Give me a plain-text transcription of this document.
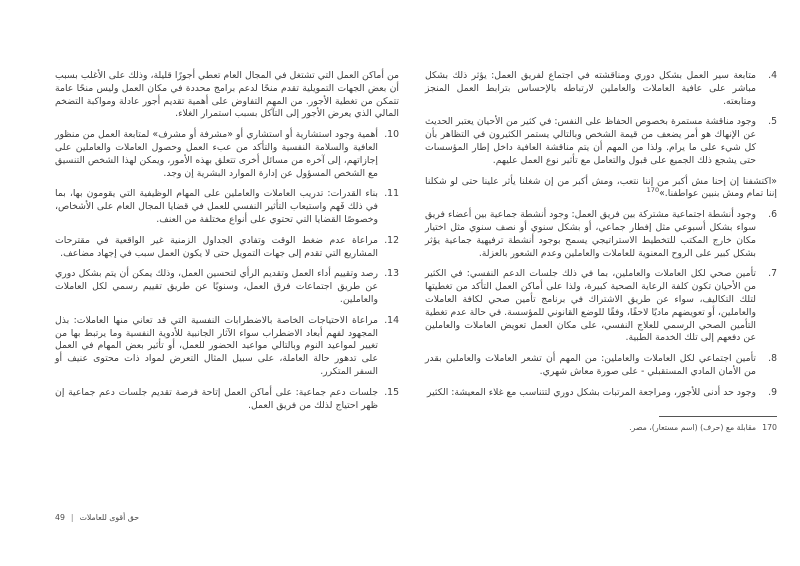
4.

متابعة سير العمل بشكل دوري ومناقشته في اجتماع لفريق العمل: يؤثر ذلك بشكل مباشر على عافية العاملات والعاملين لارتباطه بالإحساس بترابط العمل المنجز ومتابعته.

5.

وجود مناقشة مستمرة بخصوص الحفاظ على النفس: في كثير من الأحيان يعتبر الحديث عن الإنهاك هو أمر يضعف من قيمة الشخص وبالتالي يستمر الكثيرون في التظاهر بأن كل شيء على ما يرام. ولذا من المهم أن يتم مناقشة العافية داخل إطار المؤسسات حتى يشجع ذلك الجميع على قبول والتعامل مع تأثير نوع العمل عليهم.

«اكتشفنا إن إحنا مش أكبر من إننا نتعب، ومش أكبر من إن شغلنا يأثر علينا حتى لو شكلنا إننا تمام ومش بنبين عواطفنا.»$^{170}$
6.

وجود أنشطة اجتماعية مشتركة بين فريق العمل: وجود أنشطة جماعية بين أعضاء فريق سواء بشكل أسبوعي مثل إفطار جماعي، أو بشكل سنوي أو نصف سنوي مثل اختيار مكان خارج المكتب للتخطيط الاستراتيجي يسمح بوجود أنشطة ترفيهية جماعية يؤثر بشكل كبير على الروح المعنوية للعاملات والعاملين وعدم الشعور بالعزلة.

7.

تأمين صحي لكل العاملات والعاملين، بما في ذلك جلسات الدعم النفسي: في الكثير من الأحيان تكون كلفة الرعاية الصحية كبيرة، ولذا على أماكن العمل التأكد من تغطيتها لتلك التكاليف، سواء عن طريق الاشتراك في برنامج تأمين صحي لكافة العاملات والعاملين، أو تعويضهم ماديًا لاحقًا، وفقًا للوضع القانوني للمؤسسة. في حالة عدم تغطية التأمين الصحي الرسمي للعلاج النفسي، على مكان العمل تعويض العاملات والعاملين عن دفعهم إلى تلك الخدمة الطبية.

8.

تأمين اجتماعي لكل العاملات والعاملين: من المهم أن تشعر العاملات والعاملين بقدر من الأمان المادي المستقبلي - على صورة معاش شهري.

9.

وجود حد أدنى للأجور، ومراجعة المرتبات بشكل دوري لتتناسب مع غلاء المعيشة: الكثير

170
مقابلة مع (حرف) (اسم مستعار)، مصر.

من أماكن العمل التي تشتغل في المجال العام تعطي أجورًا قليلة، وذلك على الأغلب بسبب أن بعض الجهات التمويلية تقدم منحًا لدعم برامج محددة في مكان العمل وليس منحًا عامة تتمكن من تغطية الأجور. من المهم التفاوض على أهمية تقديم أجور عادلة ومواكبة التضخم المالي الذي يعرض الأجور إلى التآكل بسبب استمرار الغلاء.

10.

أهمية وجود استشارية أو استشاري أو «مشرفة أو مشرف» لمتابعة العمل من منظور العافية والسلامة النفسية والتأكد من عبء العمل وحصول العاملات والعاملين على إجازاتهم، إلى آخره من مسائل أخرى تتعلق بهذه الأمور، ويمكن لهذا الشخص التنسيق مع الشخص المسؤول عن إدارة الموارد البشرية إن وجد.

11.

بناء القدرات: تدريب العاملات والعاملين على المهام الوظيفية التي يقومون بها، بما في ذلك فَهم واستيعاب التأثير النفسي للعمل في قضايا المجال العام على الأشخاص، وخصوصًا القضايا التي تحتوي على أنواع مختلفة من العنف.

12.

مراعاة عدم ضغط الوقت وتفادي الجداول الزمنية غير الواقعية في مقترحات المشاريع التي تقدم إلى جهات التمويل حتى لا يكون العمل سبب في إجهاد مضاعف.

13.

رصد وتقييم أداء العمل وتقديم الرأي لتحسين العمل، وذلك يمكن أن يتم بشكل دوري عن طريق اجتماعات فرق العمل، وسنويًا عن طريق تقييم رسمي لكل العاملات والعاملين.

14.

مراعاة الاحتياجات الخاصة بالاضطرابات النفسية التي قد تعاني منها العاملات: بذل المجهود لفهم أبعاد الاضطراب سواء الآثار الجانبية للأدوية النفسية وما يرتبط بها من تغيير لمواعيد النوم وبالتالي مواعيد الحضور للعمل، أو تأثير بعض المهام في العمل على تدهور حالة العاملة، على سبيل المثال التعرض لمواد ذات محتوى عنيف أو السفر المتكرر.

15.

جلسات دعم جماعية: على أماكن العمل إتاحة فرصة تقديم جلسات دعم جماعية إن ظهر احتياج لذلك من فريق العمل.

حق أقوى للعاملات
|
49
